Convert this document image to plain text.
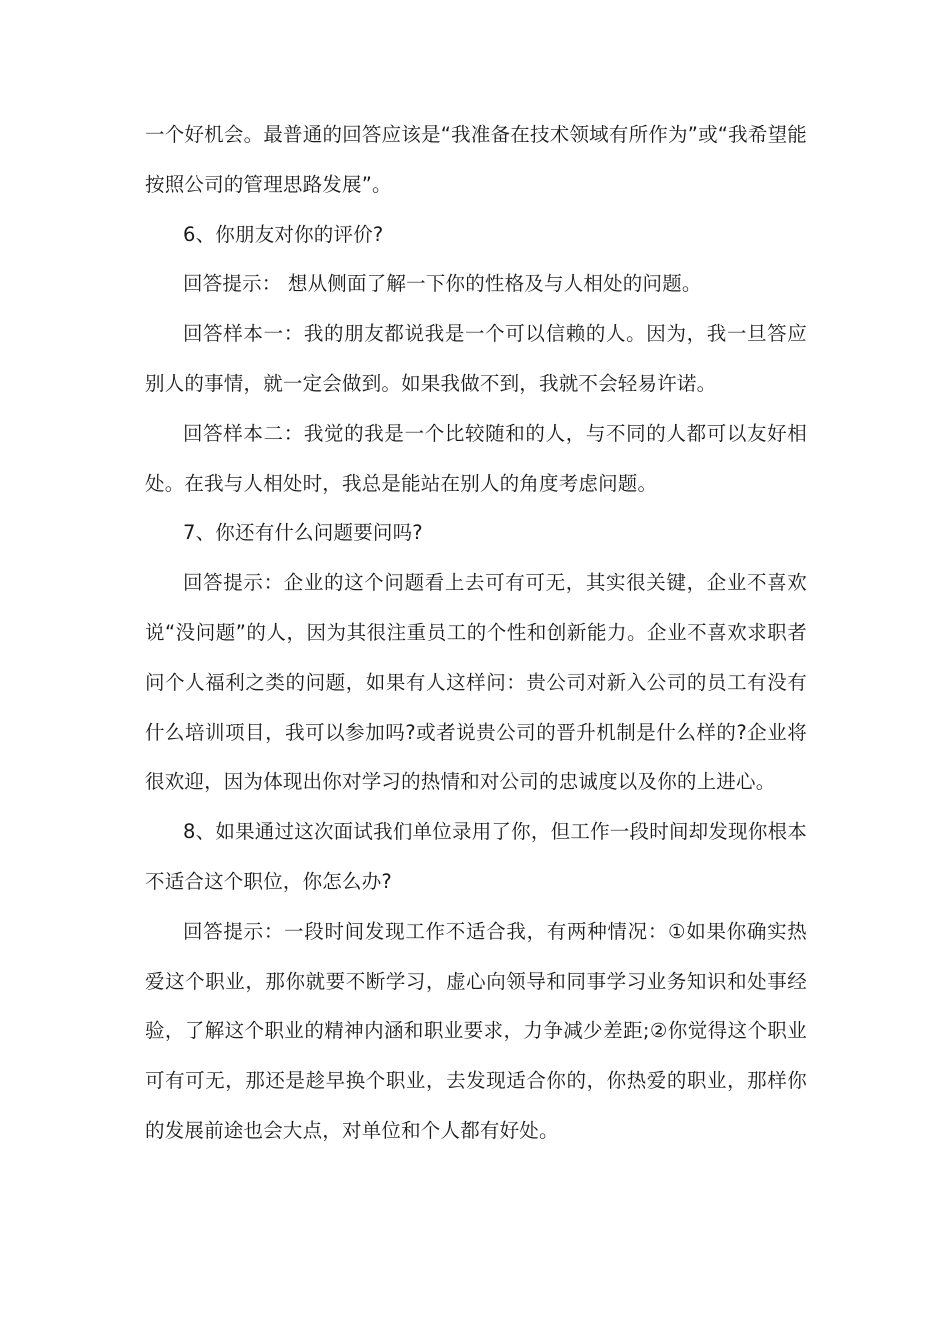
一个好机会。最普通的回答应该是“我准备在技术领域有所作为”或“我希望能按照公司的管理思路发展”。

6、你朋友对你的评价?

回答提示： 想从侧面了解一下你的性格及与人相处的问题。

回答样本一：我的朋友都说我是一个可以信赖的人。因为，我一旦答应别人的事情，就一定会做到。如果我做不到，我就不会轻易许诺。

回答样本二：我觉的我是一个比较随和的人，与不同的人都可以友好相处。在我与人相处时，我总是能站在别人的角度考虑问题。

7、你还有什么问题要问吗?

回答提示：企业的这个问题看上去可有可无，其实很关键，企业不喜欢说“没问题”的人，因为其很注重员工的个性和创新能力。企业不喜欢求职者问个人福利之类的问题，如果有人这样问：贵公司对新入公司的员工有没有什么培训项目，我可以参加吗?或者说贵公司的晋升机制是什么样的?企业将很欢迎，因为体现出你对学习的热情和对公司的忠诚度以及你的上进心。

8、如果通过这次面试我们单位录用了你，但工作一段时间却发现你根本不适合这个职位，你怎么办?

回答提示：一段时间发现工作不适合我，有两种情况：①如果你确实热爱这个职业，那你就要不断学习，虚心向领导和同事学习业务知识和处事经验，了解这个职业的精神内涵和职业要求，力争减少差距;②你觉得这个职业可有可无，那还是趁早换个职业，去发现适合你的，你热爱的职业，那样你的发展前途也会大点，对单位和个人都有好处。
